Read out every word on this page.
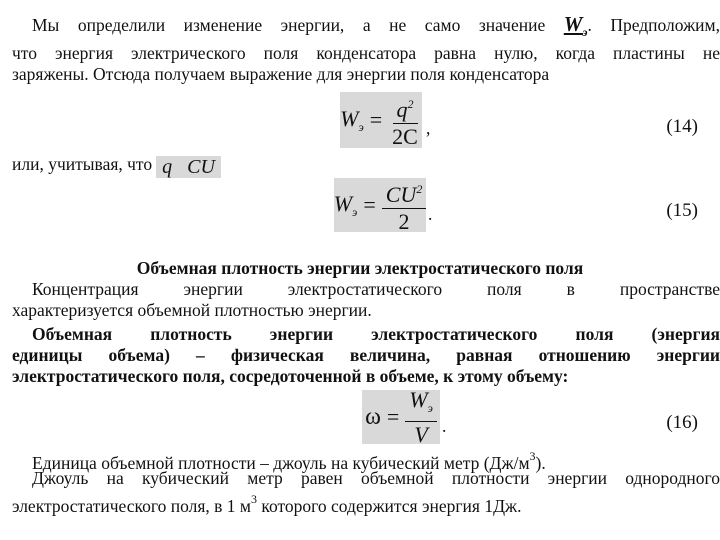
Мы определили изменение энергии, а не само значение $W_э$. Предположим,
что энергия электрического поля конденсатора равна нулю, когда пластины не
заряжены. Отсюда получаем выражение для энергии поля конденсатора
$W_э = \frac{q^2}{2C}$ ,	(14)
или, учитывая, что q CU
$W_э = \frac{CU^2}{2}$ .	(15)
Объемная плотность энергии электростатического поля
Концентрация энергии электростатического поля в пространстве
характеризуется объемной плотностью энергии.
Объемная плотность энергии электростатического поля (энергия
единицы объема) – физическая величина, равная отношению энергии
электростатического поля, сосредоточенной в объеме, к этому объему:
$\omega = \frac{W_э}{V}$ .	(16)
Единица объемной плотности – джоуль на кубический метр $(Дж/м^3)$.
Джоуль на кубический метр равен объемной плотности энергии однородного
электростатического поля, в 1 $м^3$ которого содержится энергия 1Дж.
